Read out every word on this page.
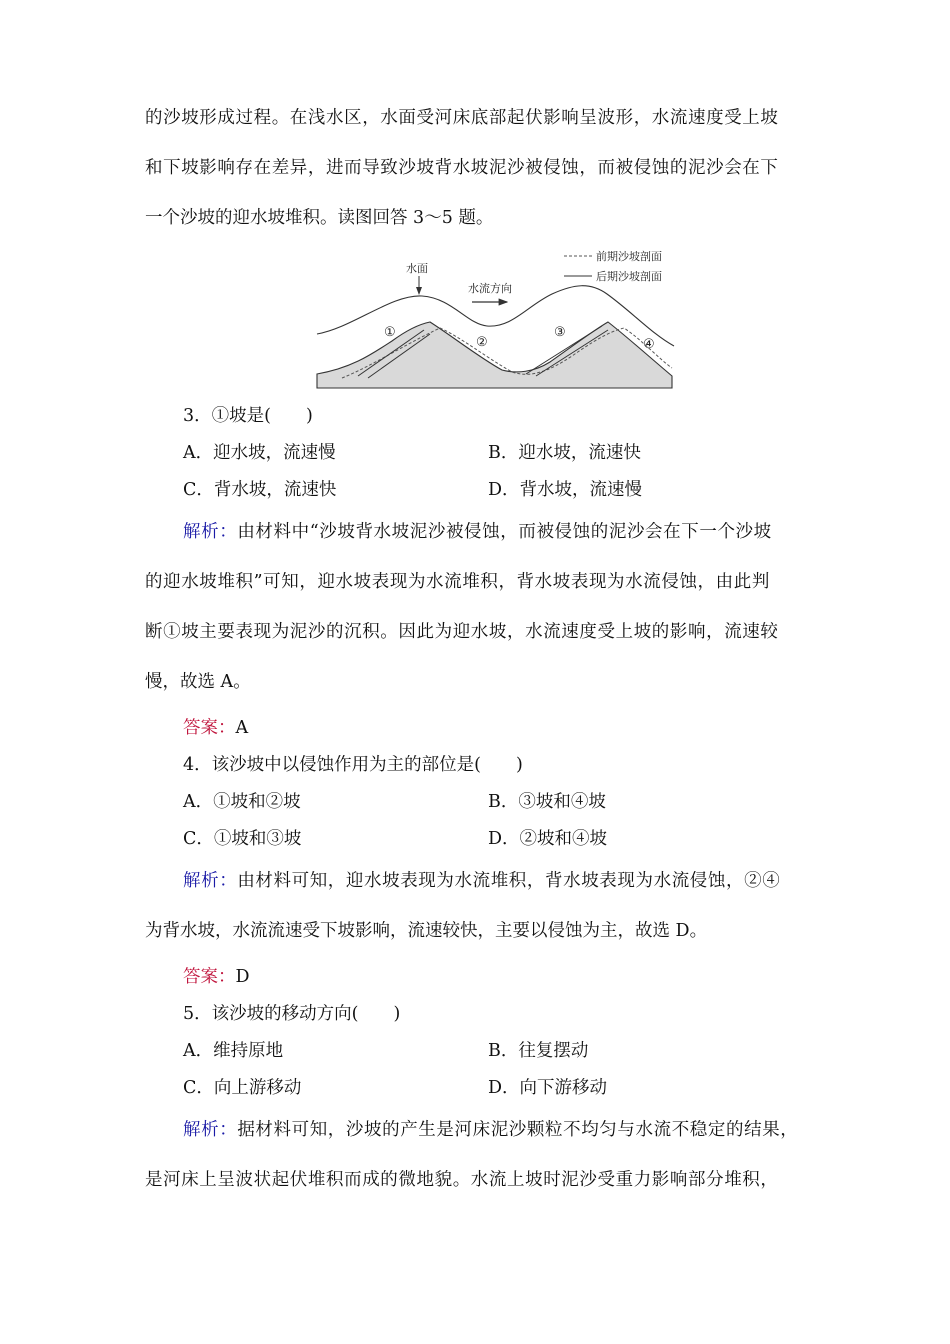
的沙坡形成过程。在浅水区，水面受河床底部起伏影响呈波形，水流速度受上坡
和下坡影响存在差异，进而导致沙坡背水坡泥沙被侵蚀，而被侵蚀的泥沙会在下
一个沙坡的迎水坡堆积。读图回答 3～5 题。
前期沙坡剖面
后期沙坡剖面
水面
水流方向
①
②
③
④
3．①坡是(　　)
A．迎水坡，流速慢	B．迎水坡，流速快
C．背水坡，流速快	D．背水坡，流速慢
解析：由材料中“沙坡背水坡泥沙被侵蚀，而被侵蚀的泥沙会在下一个沙坡
的迎水坡堆积”可知，迎水坡表现为水流堆积，背水坡表现为水流侵蚀，由此判
断①坡主要表现为泥沙的沉积。因此为迎水坡，水流速度受上坡的影响，流速较
慢，故选 A。
答案：A
4．该沙坡中以侵蚀作用为主的部位是(　　)
A．①坡和②坡	B．③坡和④坡
C．①坡和③坡	D．②坡和④坡
解析：由材料可知，迎水坡表现为水流堆积，背水坡表现为水流侵蚀，②④
为背水坡，水流流速受下坡影响，流速较快，主要以侵蚀为主，故选 D。
答案：D
5．该沙坡的移动方向(　　)
A．维持原地	B．往复摆动
C．向上游移动	D．向下游移动
解析：据材料可知，沙坡的产生是河床泥沙颗粒不均匀与水流不稳定的结果，
是河床上呈波状起伏堆积而成的微地貌。水流上坡时泥沙受重力影响部分堆积，
